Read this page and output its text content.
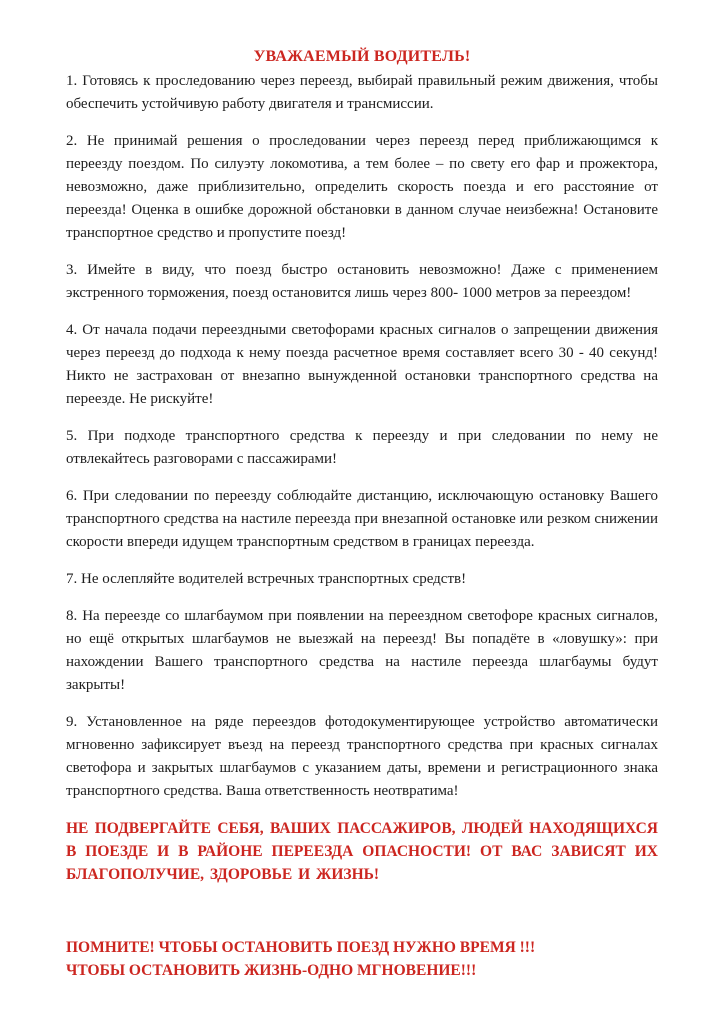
УВАЖАЕМЫЙ ВОДИТЕЛЬ!

1. Готовясь к проследованию через переезд, выбирай правильный режим движения, чтобы обеспечить устойчивую работу двигателя и трансмиссии.

2. Не принимай решения о проследовании через переезд перед приближающимся к переезду поездом. По силуэту локомотива, а тем более – по свету его фар и прожектора, невозможно, даже приблизительно, определить скорость поезда и его расстояние от переезда! Оценка в ошибке дорожной обстановки в данном случае неизбежна! Остановите транспортное средство и пропустите поезд!

3. Имейте в виду, что поезд быстро остановить невозможно! Даже с применением экстренного торможения, поезд остановится лишь через 800- 1000 метров за переездом!

4. От начала подачи переездными светофорами красных сигналов о запрещении движения через переезд до подхода к нему поезда расчетное время составляет всего 30 - 40 секунд! Никто не застрахован от внезапно вынужденной остановки транспортного средства на переезде. Не рискуйте!

5. При подходе транспортного средства к переезду и при следовании по нему не отвлекайтесь разговорами с пассажирами!

6. При следовании по переезду соблюдайте дистанцию, исключающую остановку Вашего транспортного средства на настиле переезда при внезапной остановке или резком снижении скорости впереди идущем транспортным средством в границах переезда.

7. Не ослепляйте водителей встречных транспортных средств!

8. На переезде со шлагбаумом при появлении на переездном светофоре красных сигналов, но ещё открытых шлагбаумов не выезжай на переезд! Вы попадёте в «ловушку»: при нахождении Вашего транспортного средства на настиле переезда шлагбаумы будут закрыты!

9. Установленное на ряде переездов фотодокументирующее устройство автоматически мгновенно зафиксирует въезд на переезд транспортного средства при красных сигналах светофора и закрытых шлагбаумов с указанием даты, времени и регистрационного знака транспортного средства. Ваша ответственность неотвратима!

НЕ ПОДВЕРГАЙТЕ СЕБЯ, ВАШИХ ПАССАЖИРОВ, ЛЮДЕЙ НАХОДЯЩИХСЯ В ПОЕЗДЕ И В РАЙОНЕ ПЕРЕЕЗДА ОПАСНОСТИ! ОТ ВАС ЗАВИСЯТ ИХ БЛАГОПОЛУЧИЕ, ЗДОРОВЬЕ И ЖИЗНЬ!

ПОМНИТЕ! ЧТОБЫ ОСТАНОВИТЬ ПОЕЗД НУЖНО ВРЕМЯ !!!

ЧТОБЫ ОСТАНОВИТЬ ЖИЗНЬ-ОДНО МГНОВЕНИЕ!!!
